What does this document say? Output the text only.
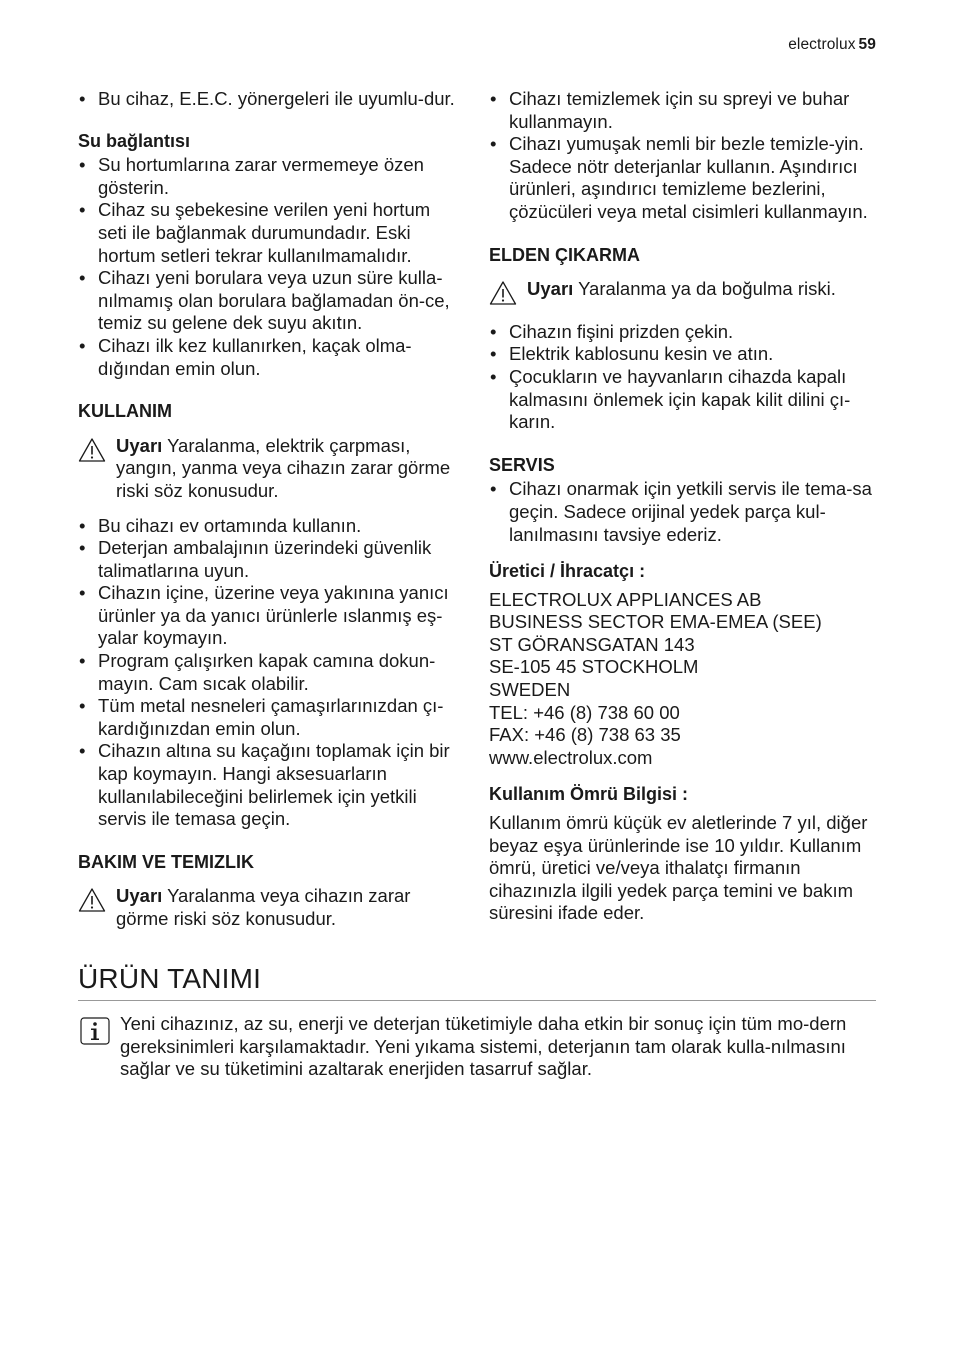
electrolux 59
• Bu cihaz, E.E.C. yönergeleri ile uyumlu-dur.
Su bağlantısı
• Su hortumlarına zarar vermemeye özen gösterin.
• Cihaz su şebekesine verilen yeni hortum seti ile bağlanmak durumundadır. Eski hortum setleri tekrar kullanılmamalıdır.
• Cihazı yeni borulara veya uzun süre kulla-nılmamış olan borulara bağlamadan ön-ce, temiz su gelene dek suyu akıtın.
• Cihazı ilk kez kullanırken, kaçak olma-dığından emin olun.
KULLANIM
Uyarı Yaralanma, elektrik çarpması, yangın, yanma veya cihazın zarar görme riski söz konusudur.
• Bu cihazı ev ortamında kullanın.
• Deterjan ambalajının üzerindeki güvenlik talimatlarına uyun.
• Cihazın içine, üzerine veya yakınına yanıcı ürünler ya da yanıcı ürünlerle ıslanmış eş-yalar koymayın.
• Program çalışırken kapak camına dokun-mayın. Cam sıcak olabilir.
• Tüm metal nesneleri çamaşırlarınızdan çı-kardığınızdan emin olun.
• Cihazın altına su kaçağını toplamak için bir kap koymayın. Hangi aksesuarların kullanılabileceğini belirlemek için yetkili servis ile temasa geçin.
BAKIM VE TEMIZLIK
Uyarı Yaralanma veya cihazın zarar görme riski söz konusudur.
• Cihazı temizlemek için su spreyi ve buhar kullanmayın.
• Cihazı yumuşak nemli bir bezle temizle-yin. Sadece nötr deterjanlar kullanın. Aşındırıcı ürünleri, aşındırıcı temizleme bezlerini, çözücüleri veya metal cisimleri kullanmayın.
ELDEN ÇIKARMA
Uyarı Yaralanma ya da boğulma riski.
• Cihazın fişini prizden çekin.
• Elektrik kablosunu kesin ve atın.
• Çocukların ve hayvanların cihazda kapalı kalmasını önlemek için kapak kilit dilini çı-karın.
SERVIS
• Cihazı onarmak için yetkili servis ile tema-sa geçin. Sadece orijinal yedek parça kul-lanılmasını tavsiye ederiz.
Üretici / İhracatçı :
ELECTROLUX APPLIANCES AB
BUSINESS SECTOR EMA-EMEA (SEE)
ST GÖRANSGATAN 143
SE-105 45 STOCKHOLM
SWEDEN
TEL: +46 (8) 738 60 00
FAX: +46 (8) 738 63 35
www.electrolux.com
Kullanım Ömrü Bilgisi :

Kullanım ömrü küçük ev aletlerinde 7 yıl, diğer beyaz eşya ürünlerinde ise 10 yıldır. Kullanım ömrü, üretici ve/veya ithalatçı firmanın cihazınızla ilgili yedek parça temini ve bakım süresini ifade eder.

ÜRÜN TANIMI
Yeni cihazınız, az su, enerji ve deterjan tüketimiyle daha etkin bir sonuç için tüm mo-dern gereksinimleri karşılamaktadır. Yeni yıkama sistemi, deterjanın tam olarak kulla-nılmasını sağlar ve su tüketimini azaltarak enerjiden tasarruf sağlar.
